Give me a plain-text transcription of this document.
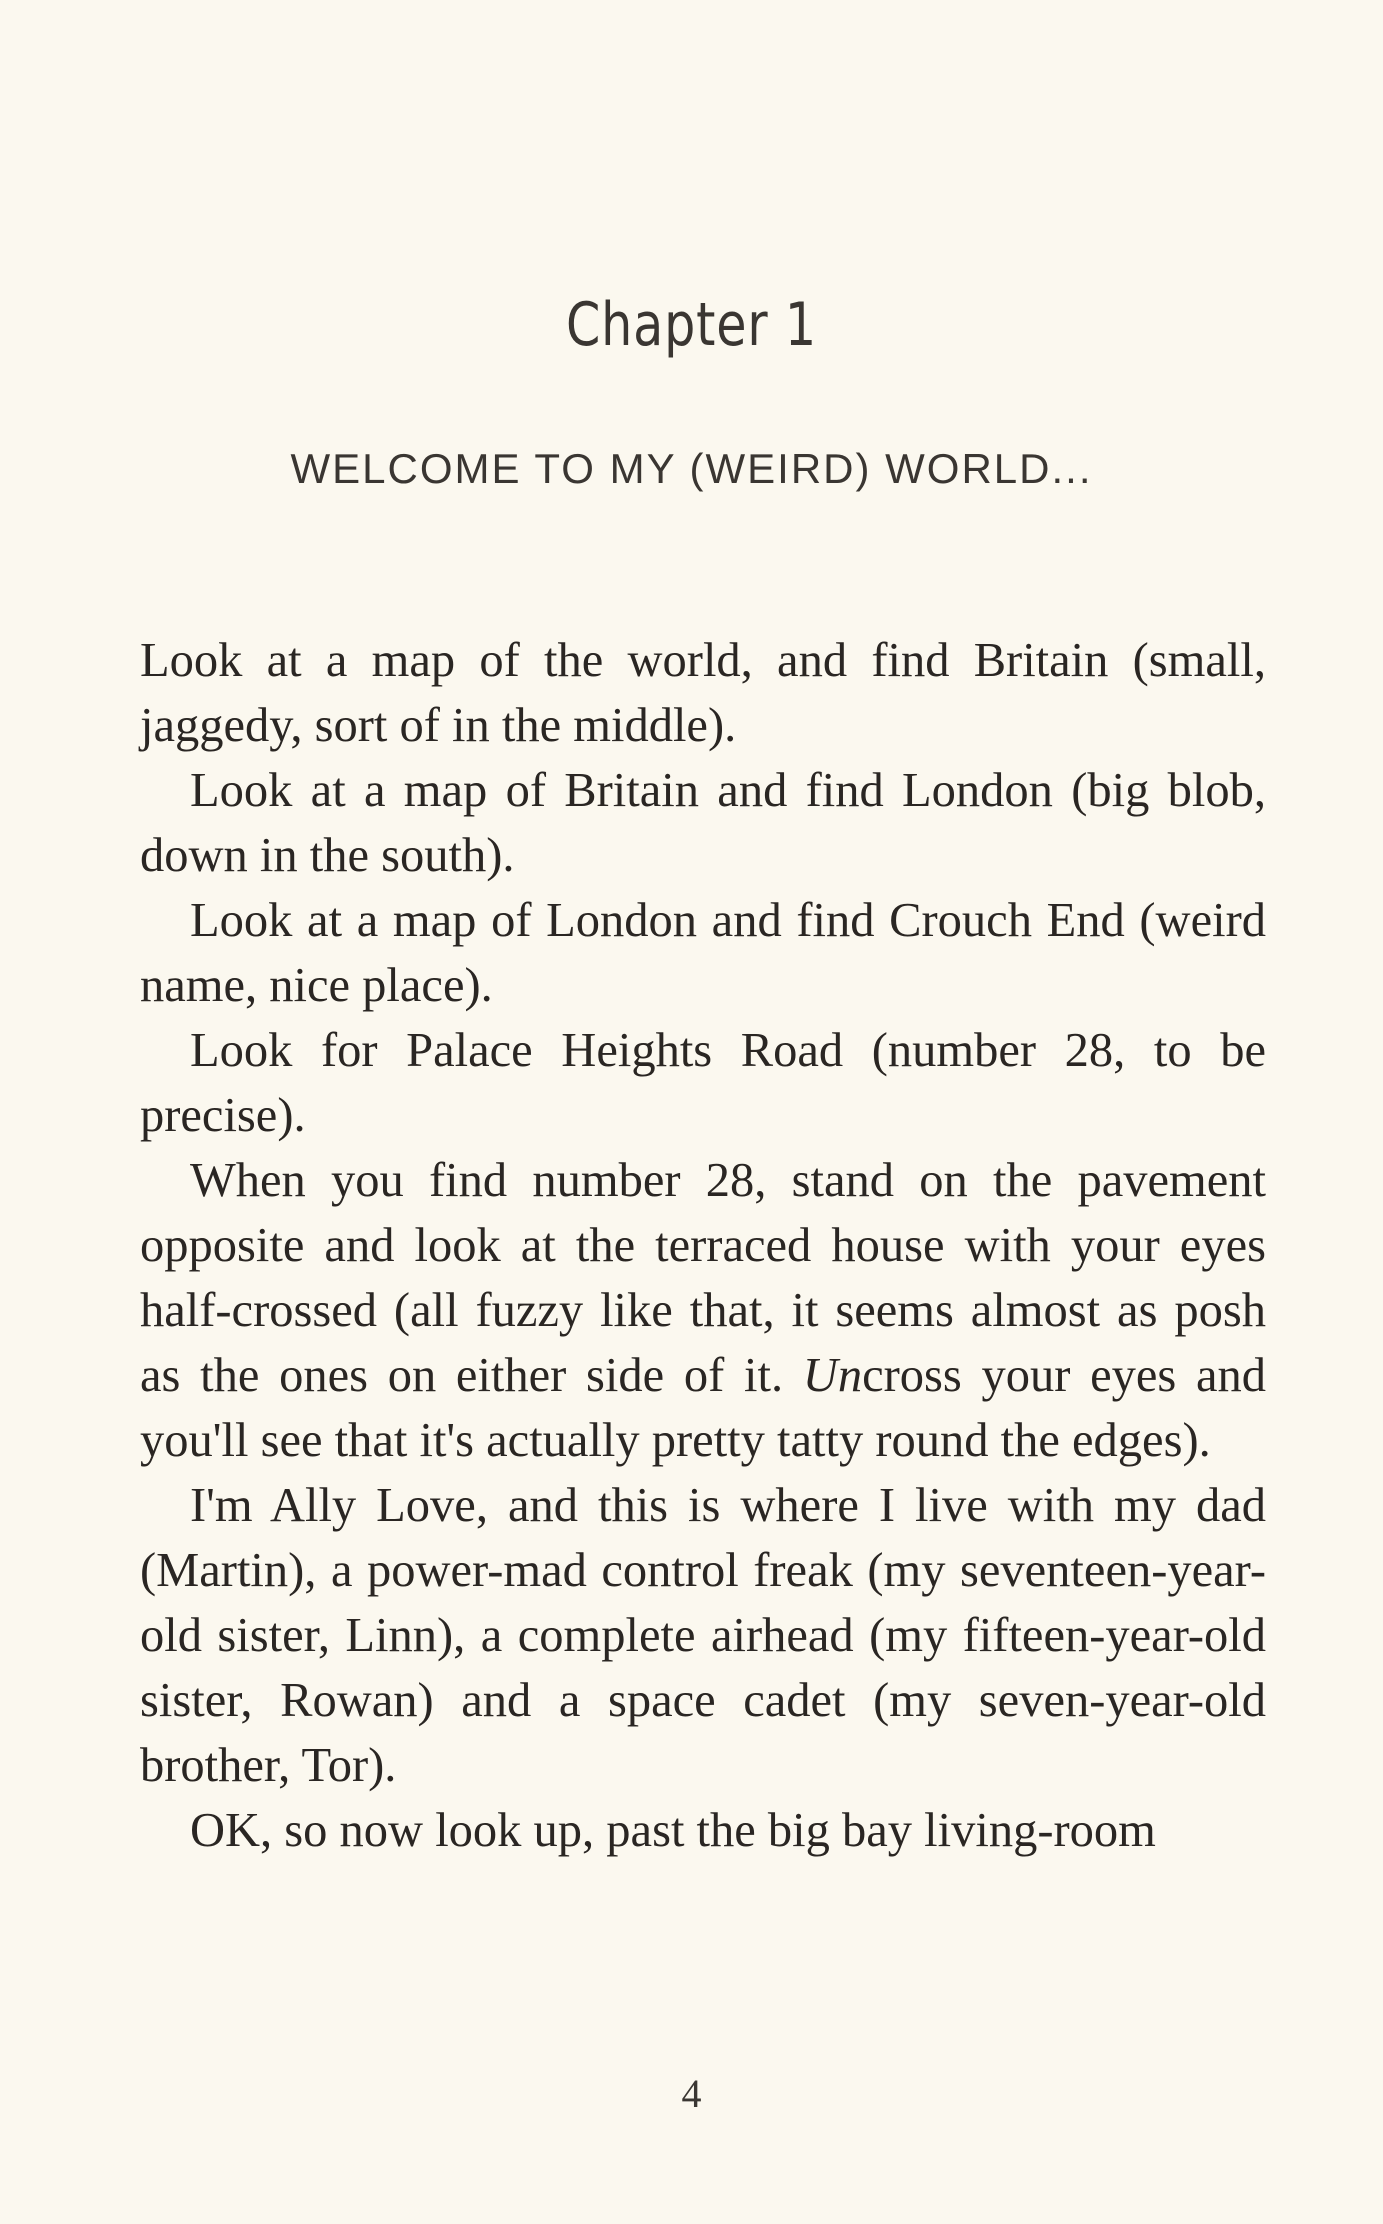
Chapter 1
WELCOME TO MY (WEIRD) WORLD...

Look at a map of the world, and find Britain (small, jaggedy, sort of in the middle).

Look at a map of Britain and find London (big blob, down in the south).

Look at a map of London and find Crouch End (weird name, nice place).

Look for Palace Heights Road (number 28, to be precise).

When you find number 28, stand on the pavement opposite and look at the terraced house with your eyes half-crossed (all fuzzy like that, it seems almost as posh as the ones on either side of it. Uncross your eyes and you'll see that it's actually pretty tatty round the edges).

I'm Ally Love, and this is where I live with my dad (Martin), a power-mad control freak (my seventeen-year-old sister, Linn), a complete airhead (my fifteen-year-old sister, Rowan) and a space cadet (my seven-year-old brother, Tor).

OK, so now look up, past the big bay living-room

4
